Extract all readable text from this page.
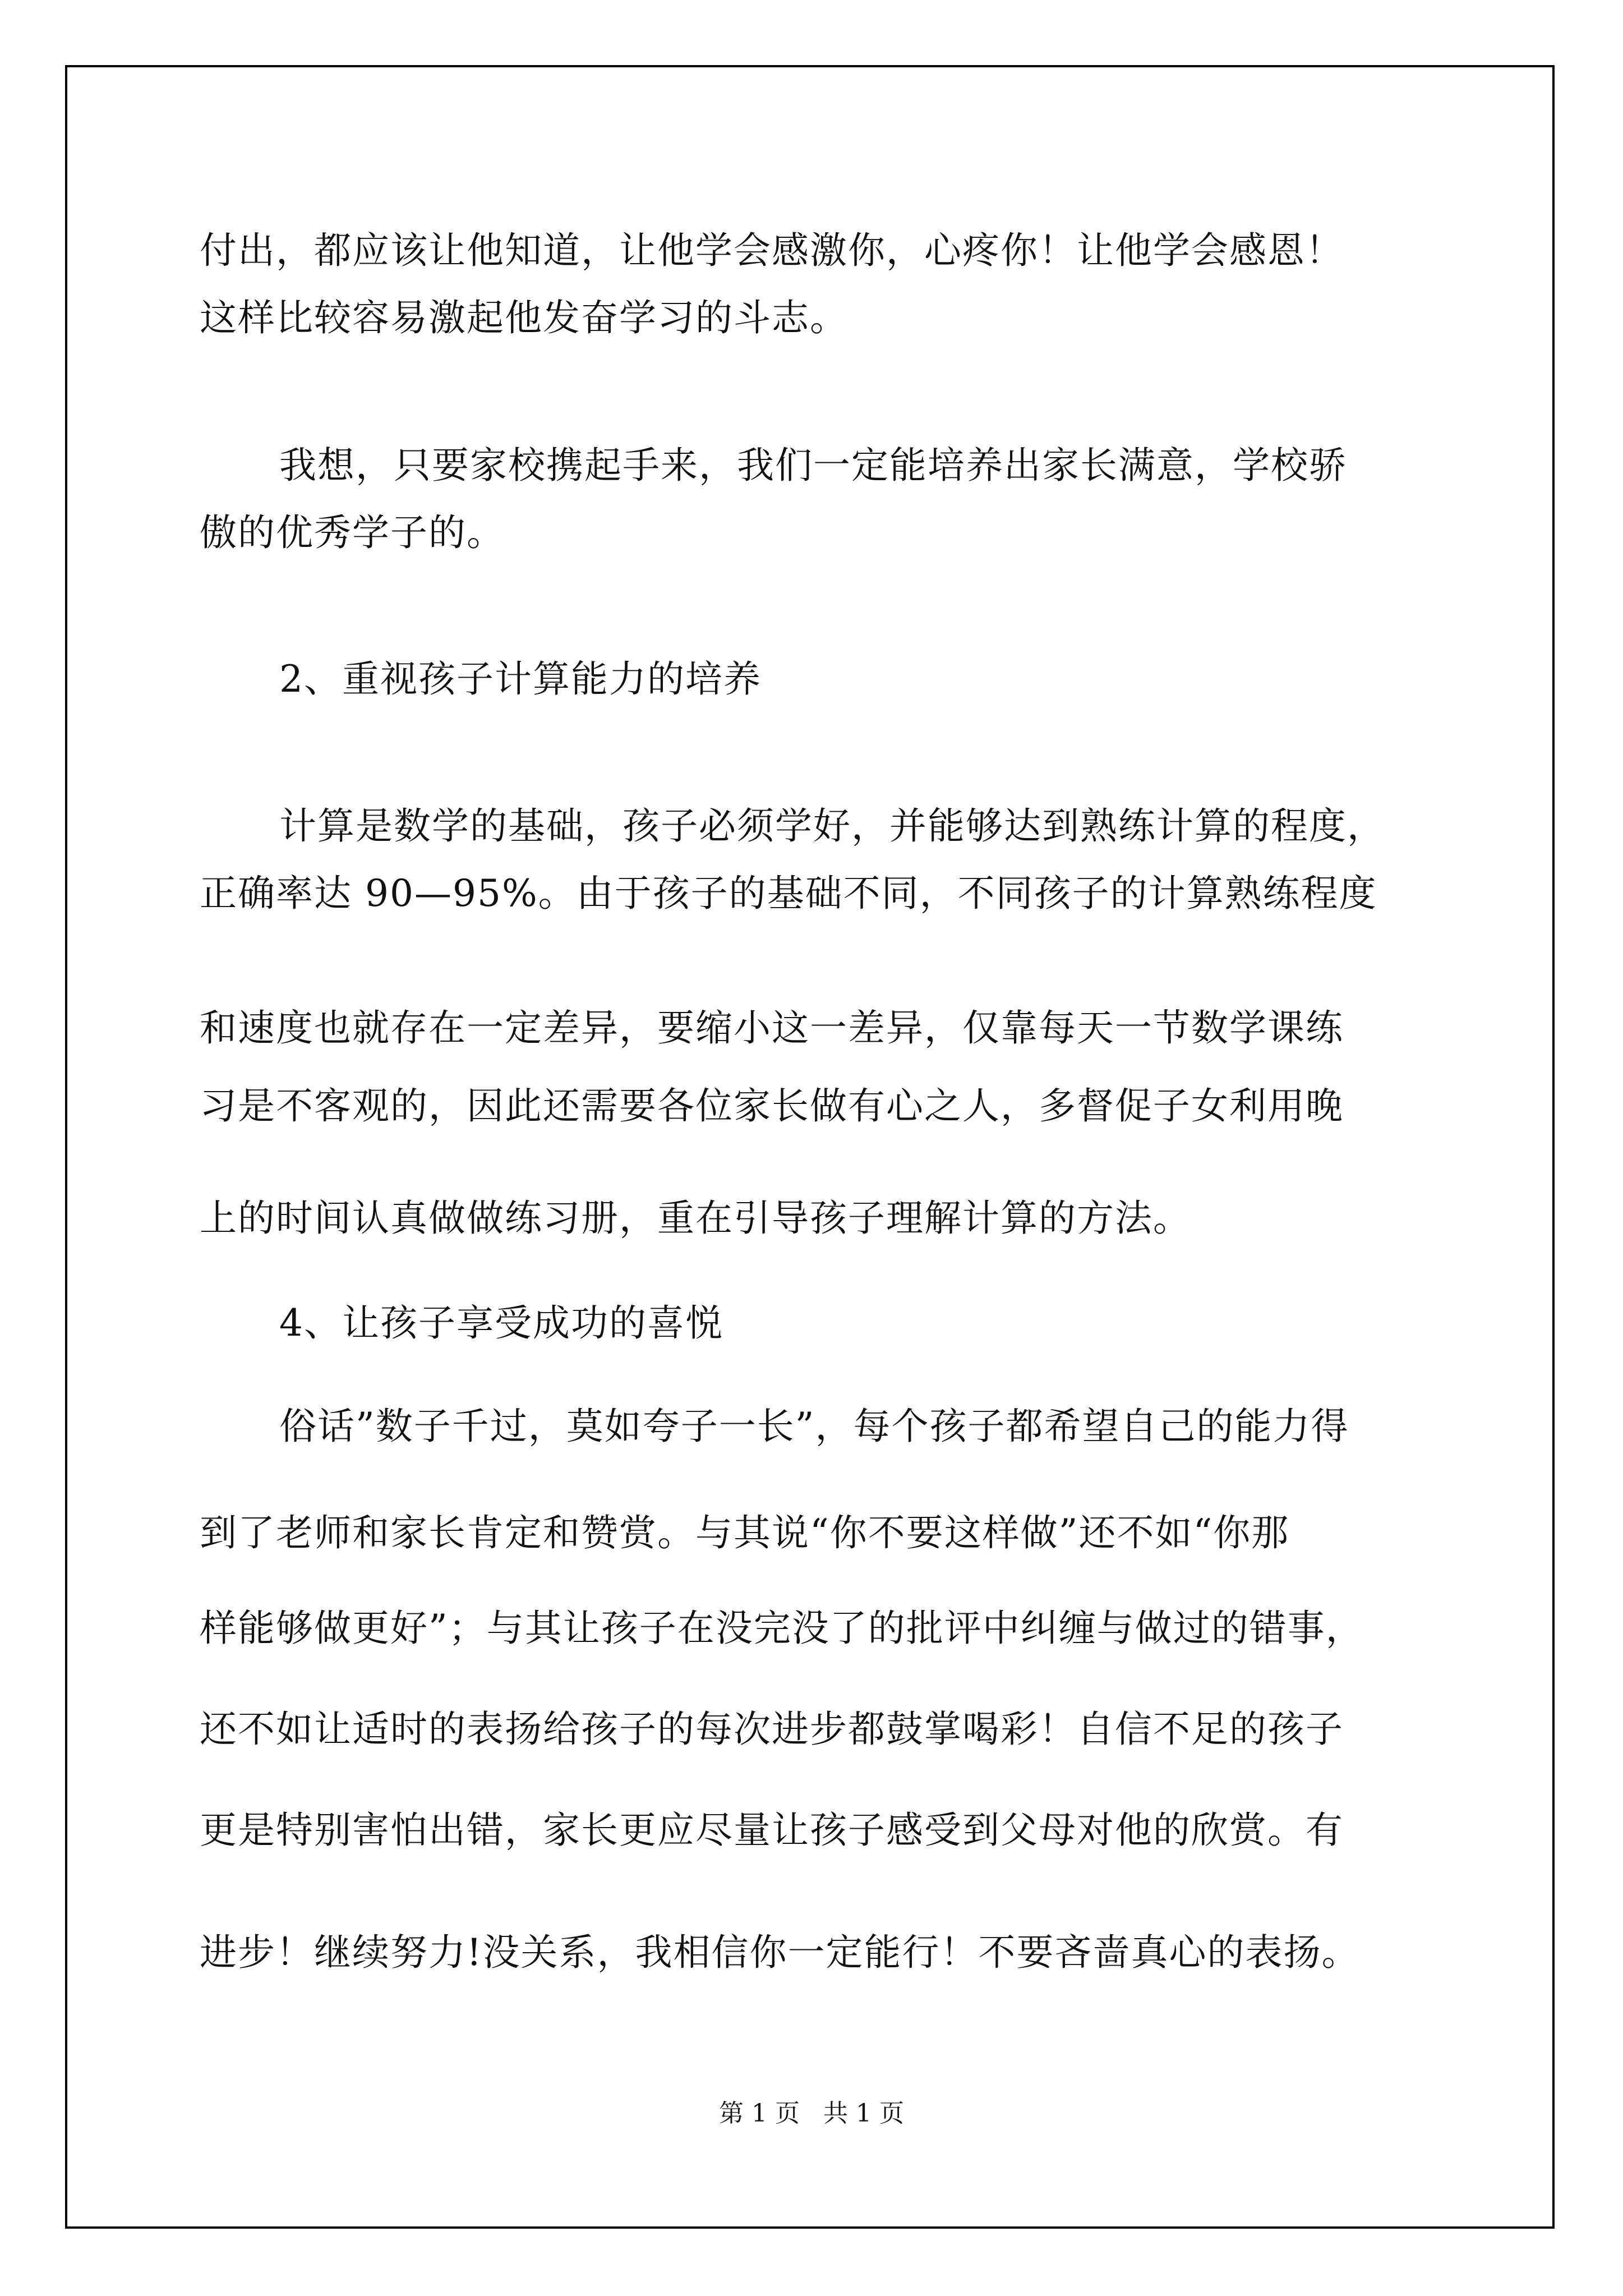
付出，都应该让他知道，让他学会感激你，心疼你！让他学会感恩！
这样比较容易激起他发奋学习的斗志。
我想，只要家校携起手来，我们一定能培养出家长满意，学校骄
傲的优秀学子的。
2、重视孩子计算能力的培养
计算是数学的基础，孩子必须学好，并能够达到熟练计算的程度，
正确率达 90—95%。由于孩子的基础不同，不同孩子的计算熟练程度
和速度也就存在一定差异，要缩小这一差异，仅靠每天一节数学课练
习是不客观的，因此还需要各位家长做有心之人，多督促子女利用晚
上的时间认真做做练习册，重在引导孩子理解计算的方法。
4、让孩子享受成功的喜悦
俗话”数子千过，莫如夸子一长”，每个孩子都希望自己的能力得
到了老师和家长肯定和赞赏。与其说“你不要这样做”还不如“你那
样能够做更好”；与其让孩子在没完没了的批评中纠缠与做过的错事，
还不如让适时的表扬给孩子的每次进步都鼓掌喝彩！自信不足的孩子
更是特别害怕出错，家长更应尽量让孩子感受到父母对他的欣赏。有
进步！继续努力!没关系，我相信你一定能行！不要吝啬真心的表扬。
第 1 页   共 1 页
